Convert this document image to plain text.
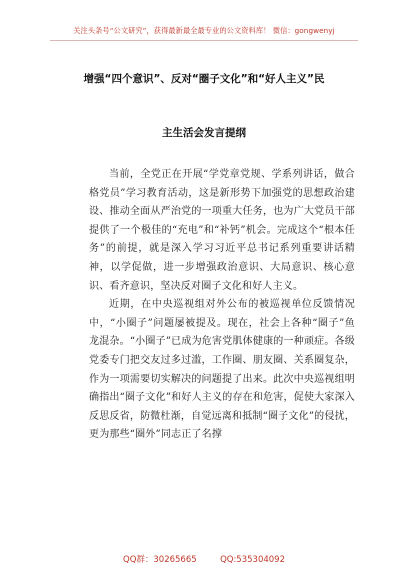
关注头条号“公文研究”，获得最新最全最专业的公文资料库！ 微信：gongwenyj
增强“四个意识”、反对“圈子文化”和“好人主义”民
主生活会发言提纲

当前，全党正在开展“学党章党规、学系列讲话，做合格党员”学习教育活动，这是新形势下加强党的思想政治建设、推动全面从严治党的一项重大任务，也为广大党员干部提供了一个极佳的“充电”和“补钙”机会。完成这个“根本任务”的前提，就是深入学习习近平总书记系列重要讲话精神，以学促做，进一步增强政治意识、大局意识、核心意识、看齐意识，坚决反对圈子文化和好人主义。

近期，在中央巡视组对外公布的被巡视单位反馈情况中，“小圈子”问题屡被提及。现在，社会上各种“圈子”鱼龙混杂。“小圈子”已成为危害党肌体健康的一种顽症。各级党委专门把交友过多过滥，工作圈、朋友圈、关系圈复杂，作为一项需要切实解决的问题提了出来。此次中央巡视组明确指出“圈子文化”和好人主义的存在和危害，促使大家深入反思反省，防微杜渐，自觉远离和抵制“圈子文化”的侵扰，更为那些“圈外”同志正了名撑

QQ群：30265665	QQ:535304092
